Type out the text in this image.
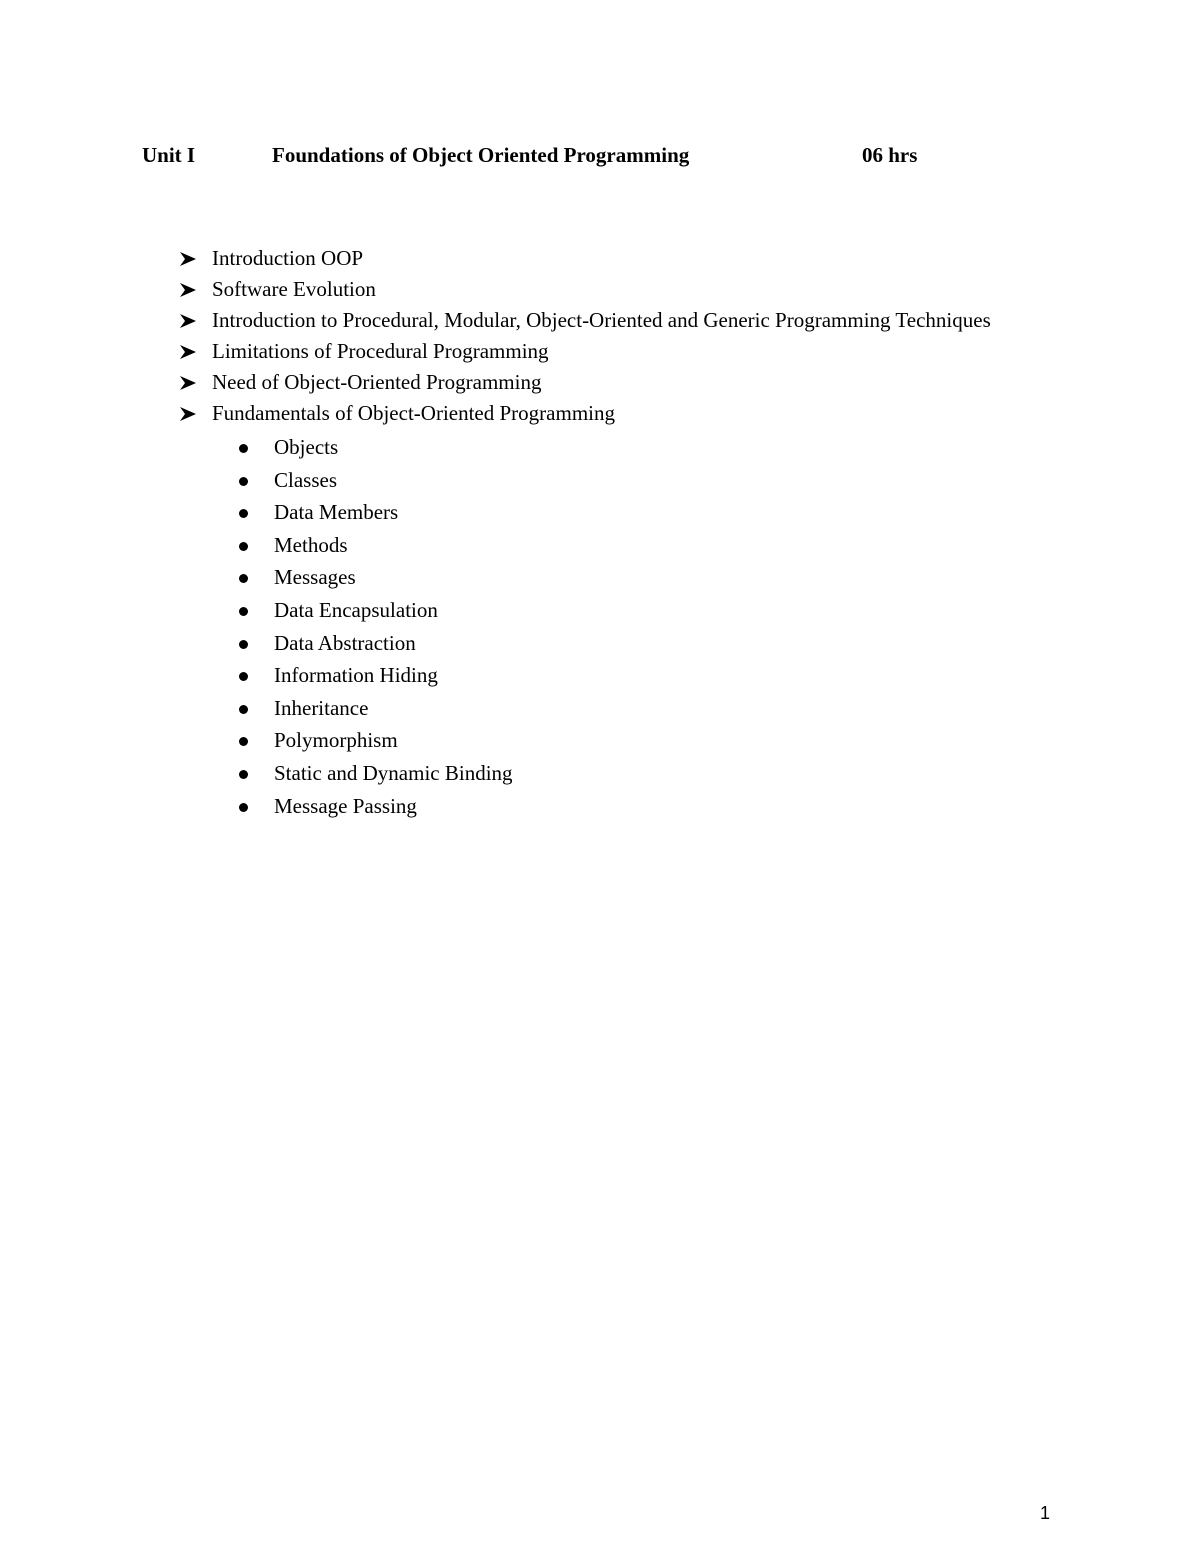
Unit I	Foundations of Object Oriented Programming	06 hrs
Introduction OOP
Software Evolution
Introduction to Procedural, Modular, Object-Oriented and Generic Programming Techniques
Limitations of Procedural Programming
Need of Object-Oriented Programming
Fundamentals of Object-Oriented Programming
Objects
Classes
Data Members
Methods
Messages
Data Encapsulation
Data Abstraction
Information Hiding
Inheritance
Polymorphism
Static and Dynamic Binding
Message Passing
1
